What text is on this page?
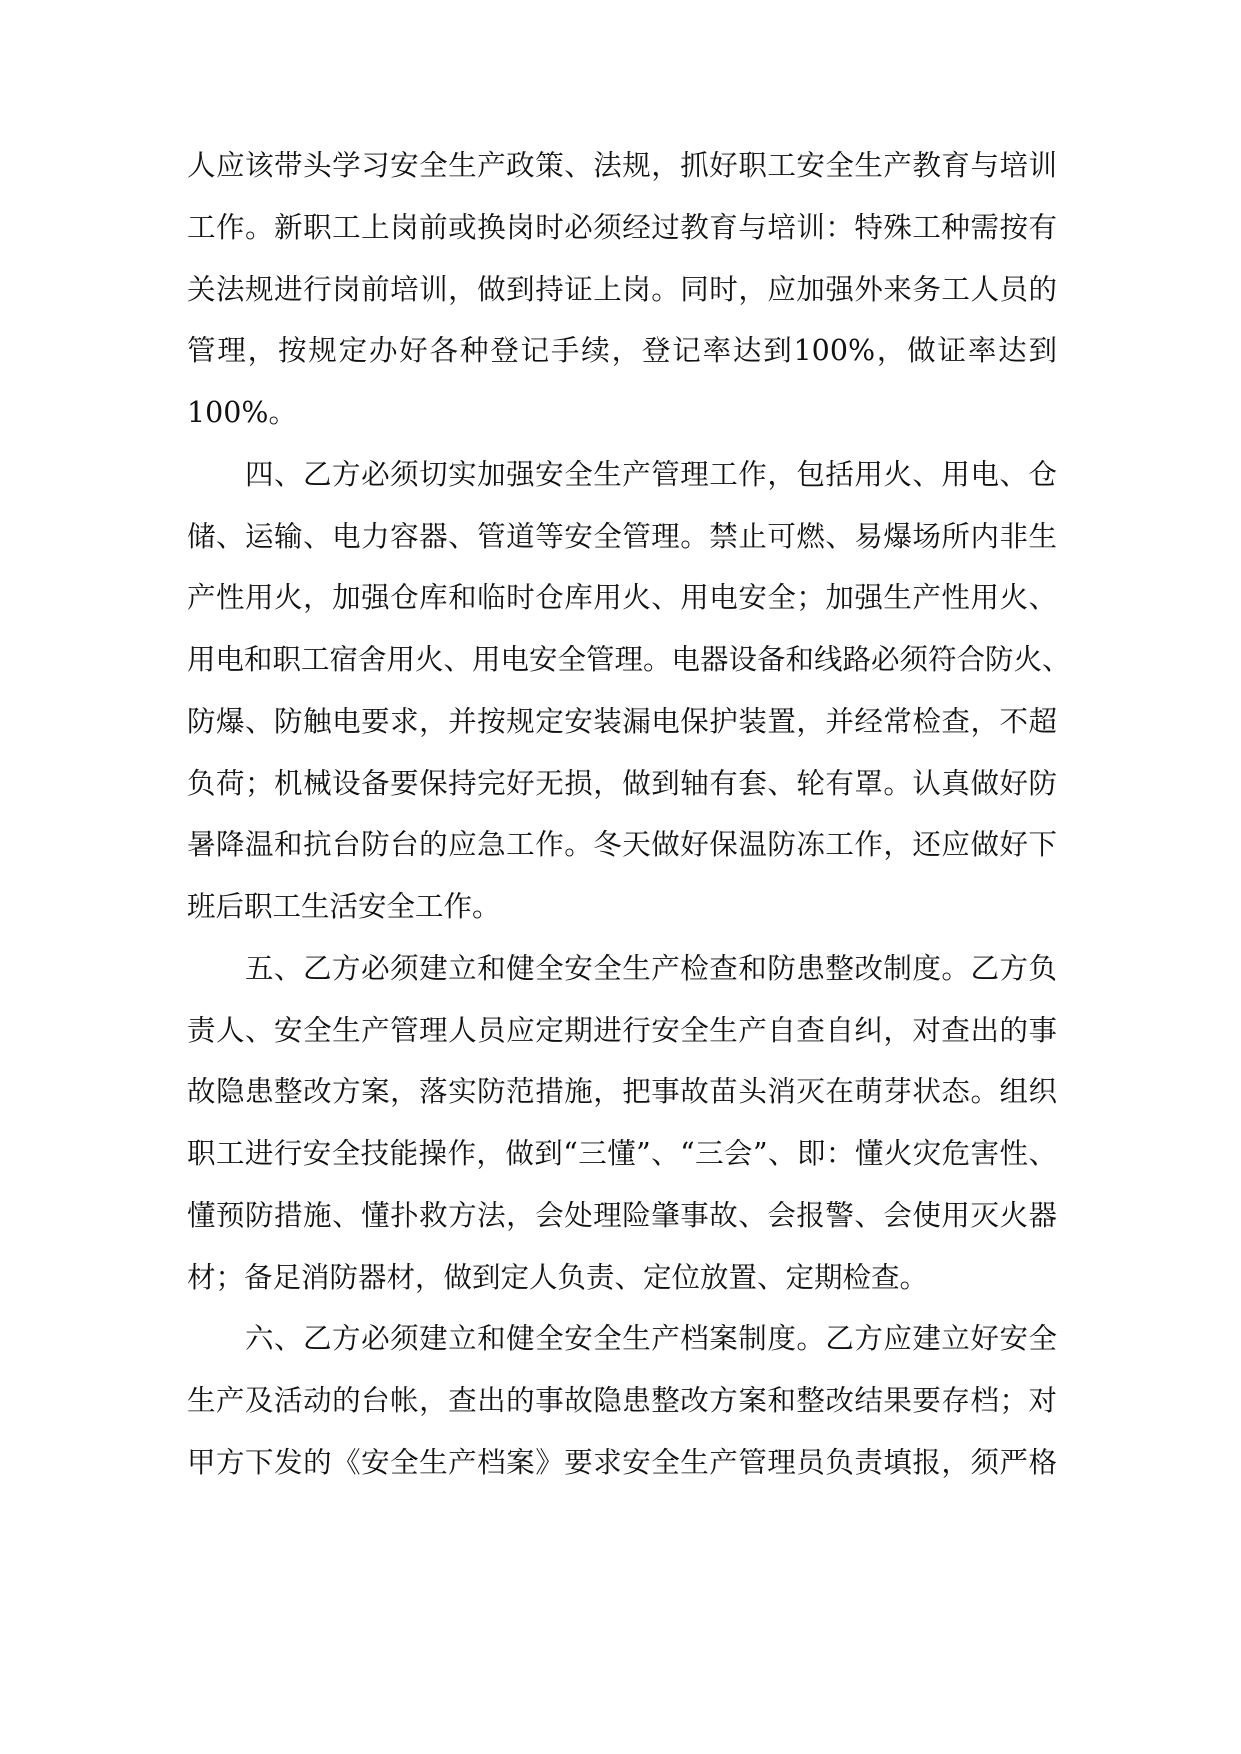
人应该带头学习安全生产政策、法规，抓好职工安全生产教育与培训

工作。新职工上岗前或换岗时必须经过教育与培训：特殊工种需按有

关法规进行岗前培训，做到持证上岗。同时，应加强外来务工人员的

管理，按规定办好各种登记手续，登记率达到100%，做证率达到

100%。

四、乙方必须切实加强安全生产管理工作，包括用火、用电、仓

储、运输、电力容器、管道等安全管理。禁止可燃、易爆场所内非生

产性用火，加强仓库和临时仓库用火、用电安全；加强生产性用火、

用电和职工宿舍用火、用电安全管理。电器设备和线路必须符合防火、

防爆、防触电要求，并按规定安装漏电保护装置，并经常检查，不超

负荷；机械设备要保持完好无损，做到轴有套、轮有罩。认真做好防

暑降温和抗台防台的应急工作。冬天做好保温防冻工作，还应做好下

班后职工生活安全工作。

五、乙方必须建立和健全安全生产检查和防患整改制度。乙方负

责人、安全生产管理人员应定期进行安全生产自查自纠，对查出的事

故隐患整改方案，落实防范措施，把事故苗头消灭在萌芽状态。组织

职工进行安全技能操作，做到“三懂”、“三会”、即：懂火灾危害性、

懂预防措施、懂扑救方法，会处理险肇事故、会报警、会使用灭火器

材；备足消防器材，做到定人负责、定位放置、定期检查。

六、乙方必须建立和健全安全生产档案制度。乙方应建立好安全

生产及活动的台帐，查出的事故隐患整改方案和整改结果要存档；对

甲方下发的《安全生产档案》要求安全生产管理员负责填报，须严格
